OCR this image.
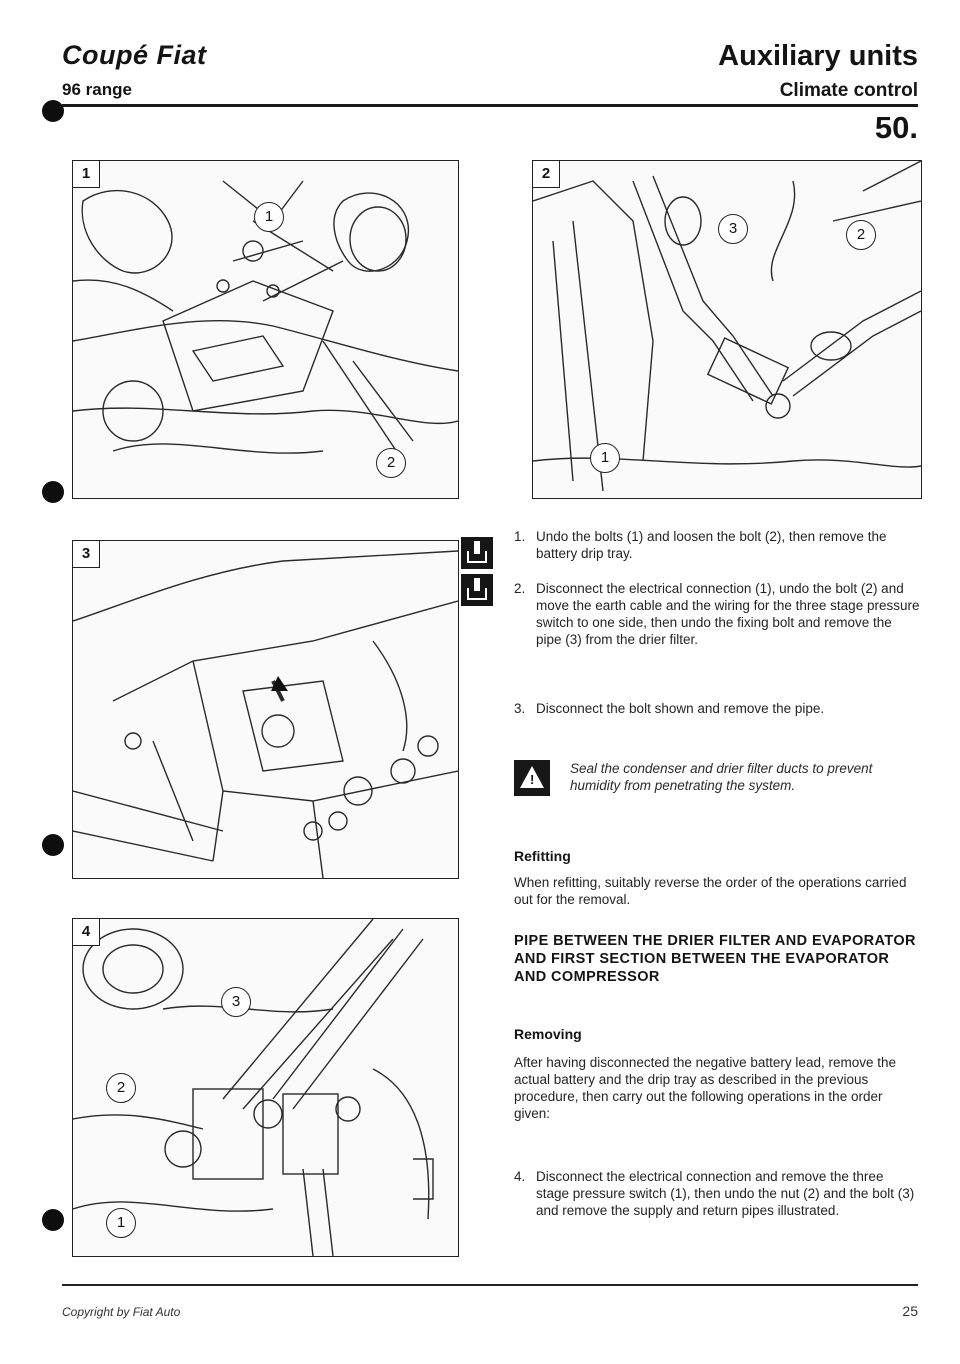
Coupé Fiat
96 range
Auxiliary units
Climate control
50.
1
1
2
3
4
3
2
1
2
3	2
1
1. Undo the bolts (1) and loosen the bolt (2), then remove the battery drip tray.
2. Disconnect the electrical connection (1), undo the bolt (2) and move the earth cable and the wiring for the three stage pressure switch to one side, then undo the fixing bolt and remove the pipe (3) from the drier filter.
3. Disconnect the bolt shown and remove the pipe.
!
Seal the condenser and drier filter ducts to prevent humidity from penetrating the system.
Refitting
When refitting, suitably reverse the order of the operations carried out for the removal.
PIPE BETWEEN THE DRIER FILTER AND EVAPORATOR AND FIRST SECTION BETWEEN THE EVAPORATOR AND COMPRESSOR
Removing
After having disconnected the negative battery lead, remove the actual battery and the drip tray as described in the previous procedure, then carry out the following operations in the order given:
4. Disconnect the electrical connection and remove the three stage pressure switch (1), then undo the nut (2) and the bolt (3) and remove the supply and return pipes illustrated.
Copyright by Fiat Auto	25
